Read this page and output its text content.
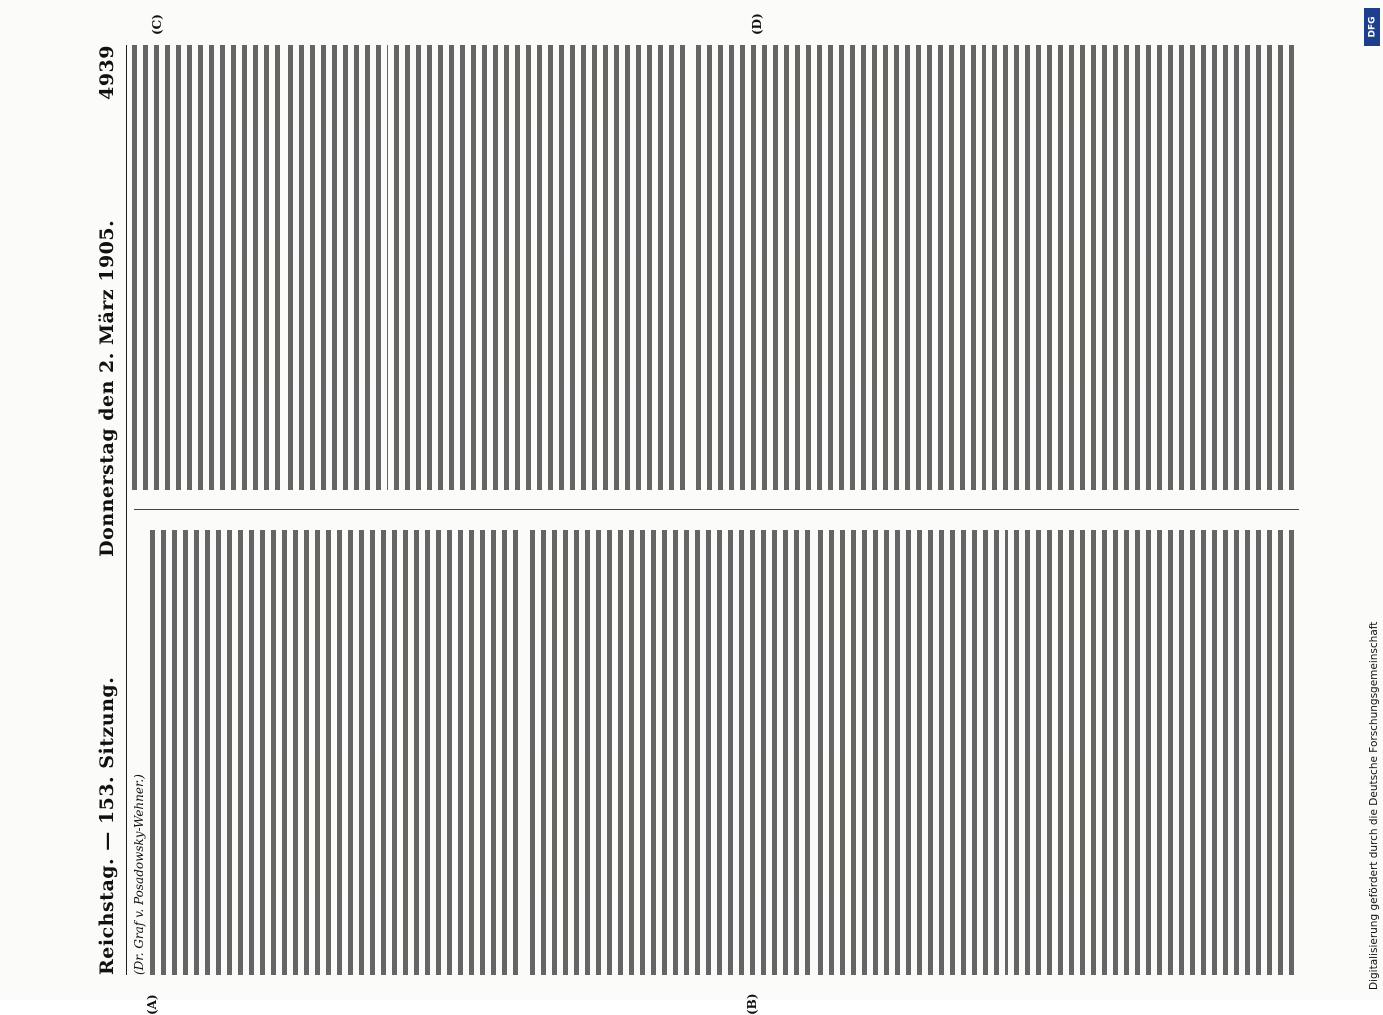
Reichstag. — 153. Sitzung.
Donnerstag den 2. März 1905.
4939
(Dr. Graf v. Posadowsky-Wehner.)
(A)	(B)
(C)	(D)
Digitalisierung gefördert durch die Deutsche Forschungsgemeinschaft
DFG
